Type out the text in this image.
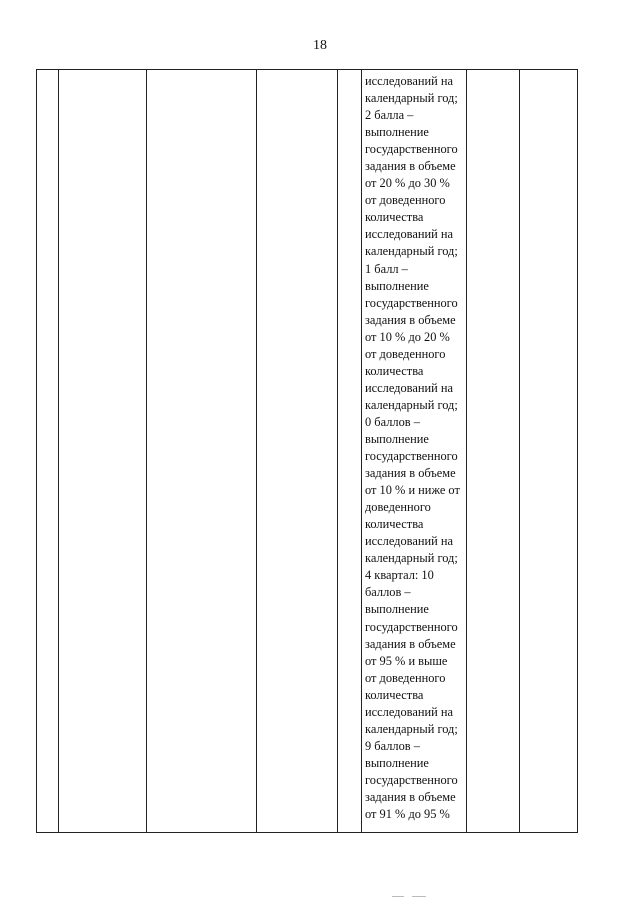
18

исследований на
календарный год;
2 балла –
выполнение
государственного
задания в объеме
от 20 % до 30 %
от доведенного
количества
исследований на
календарный год;
1 балл –
выполнение
государственного
задания в объеме
от 10 % до 20 %
от доведенного
количества
исследований на
календарный год;
0 баллов –
выполнение
государственного
задания в объеме
от 10 % и ниже от
доведенного
количества
исследований на
календарный год;
4 квартал: 10
баллов –
выполнение
государственного
задания в объеме
от 95 % и выше
от доведенного
количества
исследований на
календарный год;
9 баллов –
выполнение
государственного
задания в объеме
от 91 % до 95 %
